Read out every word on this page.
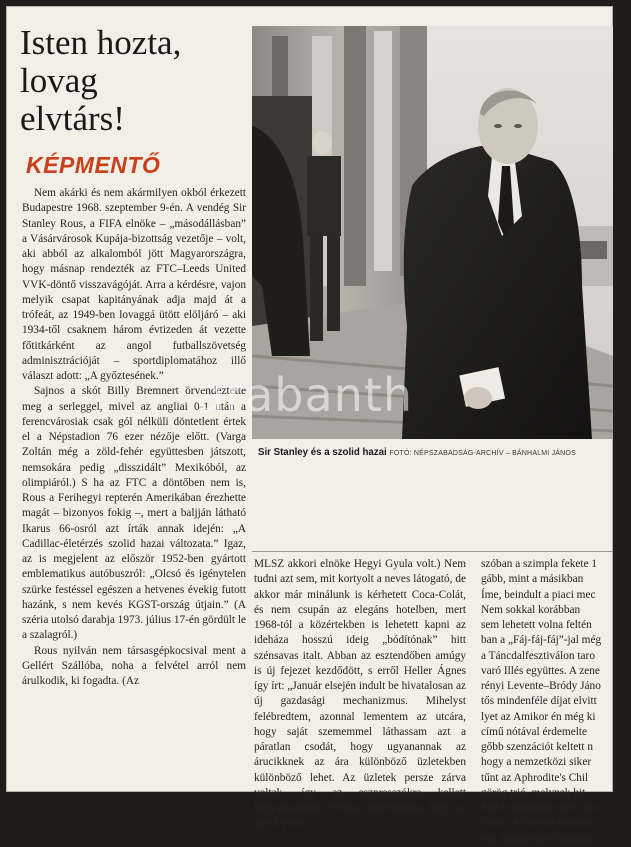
Isten hozta,
lovag
elvtárs!
KÉPMENTŐ

Nem akárki és nem akármilyen okból érkezett Budapestre 1968. szeptember 9-én. A vendég Sir Stanley Rous, a FIFA elnöke – „másodállásban” a Vásárvárosok Kupája-bizottság vezetője – volt, aki abból az alkalomból jött Magyarországra, hogy másnap rendezték az FTC–Leeds United VVK-döntő visszavágóját. Arra a kérdésre, vajon melyik csapat kapitányának adja majd át a trófeát, az 1949-ben lovaggá ütött elöljáró – aki 1934-től csaknem három évtizeden át vezette főtitkárként az angol futballszövetség adminisztrációját – sportdiplomatához illő választ adott: „A győztesének.”

Sajnos a skót Billy Bremnert örvendeztette meg a serleggel, mivel az angliai 0-1 után a ferencvárosiak csak gól nélküli döntetlent értek el a Népstadion 76 ezer nézője előtt. (Varga Zoltán még a zöld-fehér együttesben játszott, nemsokára pedig „disszidált” Mexikóból, az olimpiáról.) S ha az FTC a döntőben nem is, Rous a Ferihegyi repterén Amerikában érezhette magát – bizonyos fokig –, mert a baljján látható Ikarus 66-osról azt írták annak idején: „A Cadillac-életérzés szolid hazai változata.” Igaz, az is megjelent az először 1952-ben gyártott emblematikus autóbuszról: „Olcsó és igénytelen szürke festéssel egészen a hetvenes évekig futott hazánk, s nem kevés KGST-ország útjain.” (A széria utolsó darabja 1973. július 17-én gördült le a szalagról.)

Rous nyilván nem társasgépkocsival ment a Gellért Szállóba, noha a felvétel arról nem árulkodik, ki fogadta. (Az

Sir Stanley és a szolid hazai FOTÓ: NÉPSZABADSÁG-ARCHÍV – BÁNHALMI JÁNOS

MLSZ akkori elnöke Hegyi Gyula volt.) Nem tudni azt sem, mit kortyolt a neves látogató, de akkor már minálunk is kérhetett Coca-Colát, és nem csupán az elegáns hotelben, mert 1968-tól a közértekben is lehetett kapni az ideháza hosszú ideig „bódítónak” hitt szénsavas italt. Abban az esztendőben amúgy is új fejezet kezdődött, s erről Heller Ágnes így írt: „Január elsején indult be hivatalosan az új gazdasági mechanizmus. Mihelyst felébredtem, azonnal lementem az utcára, hogy saját szememmel láthassam azt a páratlan csodát, hogy ugyanannak az árucikknek az ára különböző üzletekben különböző lehet. Az üzletek persze zárva voltak, így az eszpresszókra kellett hagyatkoznom. S mikor felfedeztem, hogy az egyik presz-

szóban a szimpla fekete 1
gább, mint a másikban
Íme, beindult a piaci mec
Nem sokkal korábban
sem lehetett volna feltén
ban a „Fáj-fáj-fáj”-jal még
a Táncdalfesztiválon taro
varó Illés együttes. A zene
rényi Levente–Bródy Jáno
tős mindenféle díjat elvitt
lyet az Amikor én még ki
című nótával érdemelte
gőbb szenzációt keltett n
hogy a nemzetközi siker
tűnt az Aphrodite's Chil
görög trió, melynek hit
Eső és könnyek egész Eur
lította. A hármas énekese
sos, billentyűse Vangelis v
arabanth
